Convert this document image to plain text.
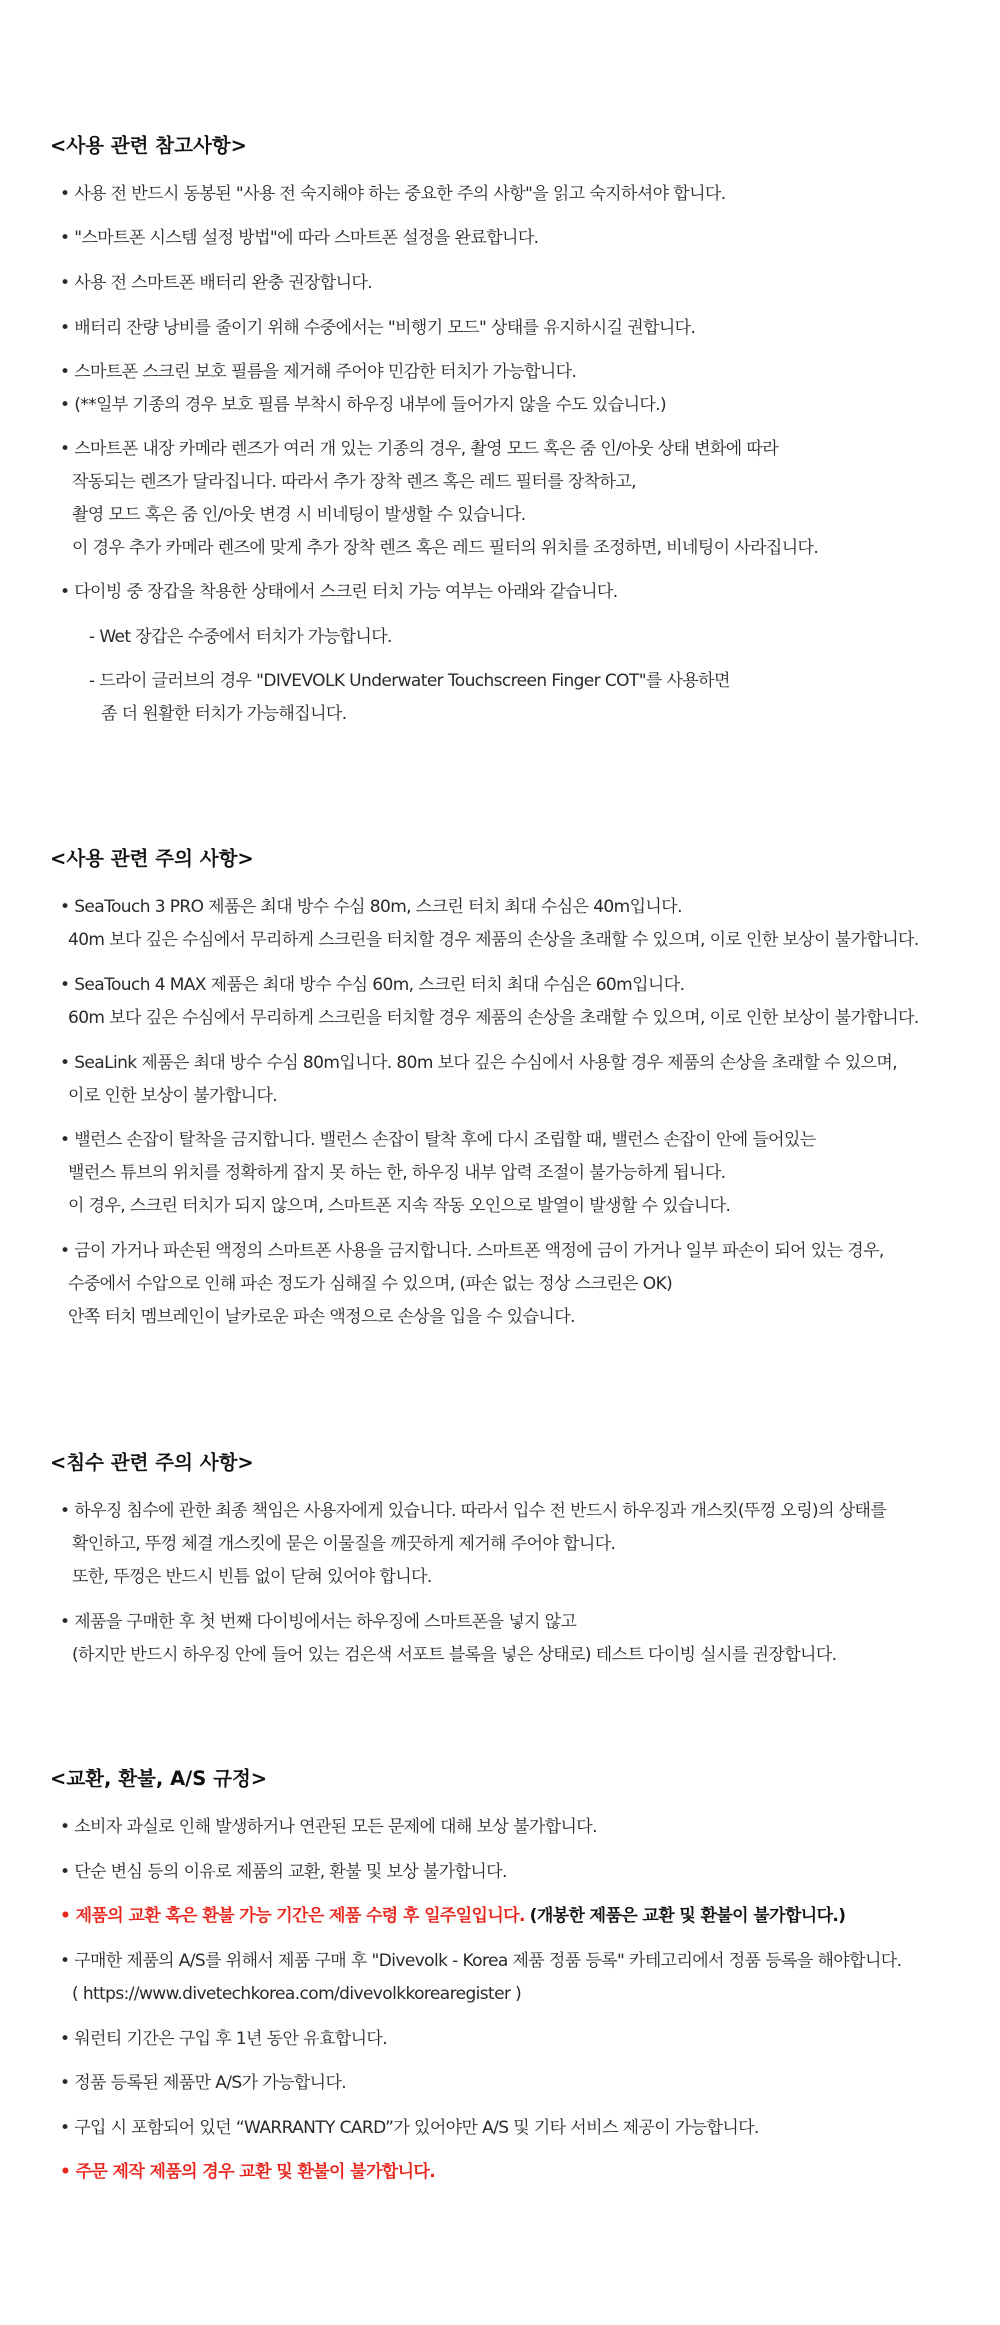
<사용 관련 참고사항>

• 사용 전 반드시 동봉된 "사용 전 숙지해야 하는 중요한 주의 사항"을 읽고 숙지하셔야 합니다.

• "스마트폰 시스템 설정 방법"에 따라 스마트폰 설정을 완료합니다.

• 사용 전 스마트폰 배터리 완충 권장합니다.

• 배터리 잔량 낭비를 줄이기 위해 수중에서는 "비행기 모드" 상태를 유지하시길 권합니다.

• 스마트폰 스크린 보호 필름을 제거해 주어야 민감한 터치가 가능합니다.

• (**일부 기종의 경우 보호 필름 부착시 하우징 내부에 들어가지 않을 수도 있습니다.)

• 스마트폰 내장 카메라 렌즈가 여러 개 있는 기종의 경우, 촬영 모드 혹은 줌 인/아웃 상태 변화에 따라

작동되는 렌즈가 달라집니다. 따라서 추가 장착 렌즈 혹은 레드 필터를 장착하고,

촬영 모드 혹은 줌 인/아웃 변경 시 비네팅이 발생할 수 있습니다.

이 경우 추가 카메라 렌즈에 맞게 추가 장착 렌즈 혹은 레드 필터의 위치를 조정하면, 비네팅이 사라집니다.

• 다이빙 중 장갑을 착용한 상태에서 스크린 터치 가능 여부는 아래와 같습니다.

- Wet 장갑은 수중에서 터치가 가능합니다.

- 드라이 글러브의 경우 "DIVEVOLK Underwater Touchscreen Finger COT"를 사용하면

좀 더 원활한 터치가 가능해집니다.

<사용 관련 주의 사항>

• SeaTouch 3 PRO 제품은 최대 방수 수심 80m, 스크린 터치 최대 수심은 40m입니다.

40m 보다 깊은 수심에서 무리하게 스크린을 터치할 경우 제품의 손상을 초래할 수 있으며, 이로 인한 보상이 불가합니다.

• SeaTouch 4 MAX 제품은 최대 방수 수심 60m, 스크린 터치 최대 수심은 60m입니다.

60m 보다 깊은 수심에서 무리하게 스크린을 터치할 경우 제품의 손상을 초래할 수 있으며, 이로 인한 보상이 불가합니다.

• SeaLink 제품은 최대 방수 수심 80m입니다. 80m 보다 깊은 수심에서 사용할 경우 제품의 손상을 초래할 수 있으며,

이로 인한 보상이 불가합니다.

• 밸런스 손잡이 탈착을 금지합니다. 밸런스 손잡이 탈착 후에 다시 조립할 때, 밸런스 손잡이 안에 들어있는

밸런스 튜브의 위치를 정확하게 잡지 못 하는 한, 하우징 내부 압력 조절이 불가능하게 됩니다.

이 경우, 스크린 터치가 되지 않으며, 스마트폰 지속 작동 오인으로 발열이 발생할 수 있습니다.

• 금이 가거나 파손된 액정의 스마트폰 사용을 금지합니다. 스마트폰 액정에 금이 가거나 일부 파손이 되어 있는 경우,

수중에서 수압으로 인해 파손 정도가 심해질 수 있으며, (파손 없는 정상 스크린은 OK)

안쪽 터치 멤브레인이 날카로운 파손 액정으로 손상을 입을 수 있습니다.

<침수 관련 주의 사항>

• 하우징 침수에 관한 최종 책임은 사용자에게 있습니다. 따라서 입수 전 반드시 하우징과 개스킷(뚜껑 오링)의 상태를

확인하고, 뚜껑 체결 개스킷에 묻은 이물질을 깨끗하게 제거해 주어야 합니다.

또한, 뚜껑은 반드시 빈틈 없이 닫혀 있어야 합니다.

• 제품을 구매한 후 첫 번째 다이빙에서는 하우징에 스마트폰을 넣지 않고

(하지만 반드시 하우징 안에 들어 있는 검은색 서포트 블록을 넣은 상태로) 테스트 다이빙 실시를 권장합니다.

<교환, 환불, A/S 규정>

• 소비자 과실로 인해 발생하거나 연관된 모든 문제에 대해 보상 불가합니다.

• 단순 변심 등의 이유로 제품의 교환, 환불 및 보상 불가합니다.

• 제품의 교환 혹은 환불 가능 기간은 제품 수령 후 일주일입니다. (개봉한 제품은 교환 및 환불이 불가합니다.)

• 구매한 제품의 A/S를 위해서 제품 구매 후 "Divevolk - Korea 제품 정품 등록" 카테고리에서 정품 등록을 해야합니다.

( https://www.divetechkorea.com/divevolkkorearegister )

• 워런티 기간은 구입 후 1년 동안 유효합니다.

• 정품 등록된 제품만 A/S가 가능합니다.

• 구입 시 포함되어 있던 “WARRANTY CARD”가 있어야만 A/S 및 기타 서비스 제공이 가능합니다.

• 주문 제작 제품의 경우 교환 및 환불이 불가합니다.
